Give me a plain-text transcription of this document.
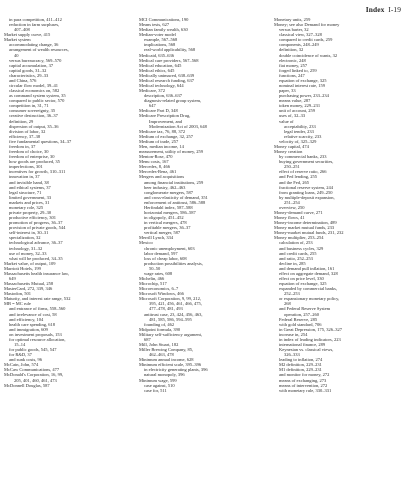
Index I-19
in para competition, 411–412
reduction in farm surpluses,
407–408
Market supply curve, 415
Market system
accommodating change, 36
arrangement of wealth resources,
40
versus bureaucracy, 569–570
capital accumulation, 37
capital goods, 31–32
characteristics, 29–33
and China, 576
circular flow model, 39–41
classical economics on, 582
as command system system, 35
compared to public sector, 570
competition in, 31, 71
consumer sovereignty, 35
creative destruction, 36–37
definition, 29
dispersion of output, 35–36
division of labor, 32
efficiency, 37–38
five fundamental questions, 34–37
freedom in, 37
freedom of choice, 30
freedom of enterprise, 30
how goods are produced, 35
imperfections, 301
incentives for growth, 310–311
innovation in, 37
and invisible hand, 38
and ethical systems, 37
legal structure, 71
limited government, 33
markets and prices, 31
monetary role, 325
private property, 29–30
productive efficiency, 301
promotion of progress, 36–37
provision of private goods, 544
self-interest in, 30–31
specialization, 32
technological advance, 36–37
technology, 31–32
use of money, 32–33
what will be produced, 34–35
Market value, of output, 109
Marriott Hotels, 199
Massachusetts health insurance law,
649
Massachusetts Mutual, 258
MasterCard, 272, 339, 346
Mastodon, 501
Maturity, and interest rate range, 532
MB = MC rule
and entrance of firms, 558–560
and irrelevance of cost, 58
and efficiency, 104
health care spending, 618
and immigration, 609
on investment proposals, 153
for optimal resource allocation,
15–14
for public goods, 545, 547
for R&D, 37
and sunk costs, 96
McCain, John, 574
McCaw Communications, 477
McDonald's Corporation, 16, 99,
205, 401, 460, 461, 473
McDonnell Douglas, 587
MCI Communications, 190
Means tests, 627
Median family wealth, 630
Median-voter model
example, 567–568
implications, 568
real-world applicability, 568
Medicaid, 635–636
Medical care providers, 567–568
Medical education, 645
Medical ethics, 645
Medically uninsured, 638–639
Medical research funding, 637
Medical technology, 644
Medicare, 372
description, 636–637
diagnosis-related group system,
647
Medicare Part D, 348
Medicare Prescription Drug,
Improvement, and
Modernization Act of 2003, 648
Medicare tax, 76, 88, 372
Medium of exchange, 32, 257
Medium of trade, 257
Men, median income, 14
measurement, utility of money, 259
Menton-Rose, 470
Menu costs, 167
Mercedes, 8, 466
Mercedes-Benz, 461
Mergers and acquisitions
among financial institutions, 259
beer industry, 462–463
conglomerate mergers, 587
and cross-elasticity of demand, 351
enforcement of antitrust, 586–588
Herfindahl index, 587–588
horizontal mergers, 586–587
in oligopoly, 451–452
in vertical mergers, 478
profitable mergers, 36–37
vertical merger, 587
Merrill Lynch, 334
Mexico
chronic unemployment, 603
labor demand, 597
loss of cheap labor, 608
production possibilities analysis,
50–50
wage rates, 608
Michelin, 466
Microchip, 517
Microeconomics, 6–7
Microsoft Windows, 466
Microsoft Corporation, 9, 99, 212,
395, 421, 456, 461, 466, 475,
477–478, 481, 493
antitrust case, 23, 424, 456, 463,
481, 585, 586, 594–595
founding of, 462
Midpoint formula, 390
Military self-sufficiency argument,
687
Mill, John Stuart, 182
Miller Brewing Company, 85,
462–463, 478
Minimum annual income, 628
Minimum efficient scale, 395–396
in electricity generating plants, 396
natural monopoly, 396
Minimum wage, 599
case against, 510
case for, 511
Monetary units, 259
Money; see also Demand for money
versus barter, 32
classical view, 327–328
compared to credit cards, 259
components, 248–249
definition, 32
double coincidence of wants, 32
electronic, 248
fiat money, 257
forged linked to, 259
functions, 247
equation of exchange, 325
nominal interest rate, 159
paper, 33
purchasing power, 233–234
means value, 287
token money, 229–231
unit of account, 259
uses of, 32–33
value of
acceptability, 233
legal tender, 233
relative scarcity, 233
velocity of, 325–329
Money capital, 474
Money creation
by commercial banks, 233
buying government securities,
250–251
effect of reserve ratio, 266
and Fed lending, 255
and the Fed, 265
fractional reserve system, 244
from granting loans, 249–250
by multiple-deposit expansion,
251–254
overview, 250
Money-demand curve, 271
Money flows, 41
Money-income determination, 489
Money market mutual funds, 233
Money-market mutual funds, 231, 232
Money multiplier, 253–254
calculation of, 253
and business cycles, 329
and credit cards, 255
and ratio, 252–253
decline in, 285
and demand pull inflation, 161
effect on aggregate demand, 328
effect on price level, 330
equation of exchange, 325
expanded by commercial banks,
252–253
or expansionary monetary policy,
268
and Federal Reserve System
operation, 257–260
Federal Reserve, 285
with gold standard, 706
in Great Depression, 175, 326–327
increase in, 254
in index of leading indicators, 223
international finance, 289
Keynesian vs. classical views,
326–333
leading to inflation, 274
M2 definition, 229–231
M1 definition, 229–231
and monitor for money, 272
means of exchanging, 273
means of intervention, 272
with monetary rule, 330–331
